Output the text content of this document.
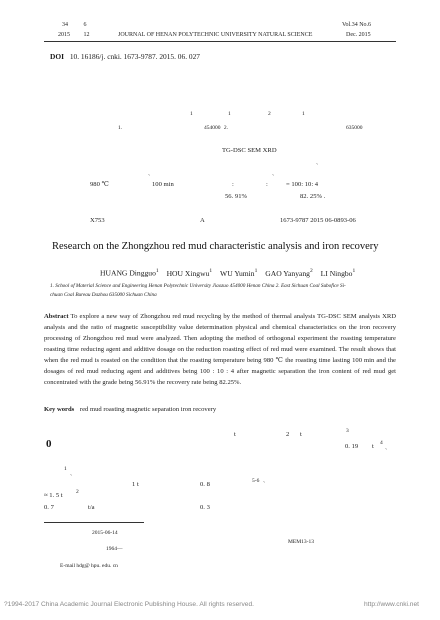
​
34	6
2015 12	JOURNAL OF HENAN POLYTECHNIC UNIVERSITY NATURAL SCIENCE
Vol.34 No.6
Dec. 2015
DOI 10. 16186/j. cnki. 1673-9787. 2015. 06. 027
1	1	2	1
1.	454000 2.	635000
TG-DSC SEM XRD
ˎ
ˎ	ˎ
980 ℃	100 min	:	:	= 100: 10: 4
56. 91%	82. 25% .
X753	A	1673-9787 2015 06-0893-06
Research on the Zhongzhou red mud characteristic analysis and iron recovery
HUANG Dingguo$^1$ HOU Xingwu$^1$ WU Yumin$^1$ GAO Yanyang$^2$ LI Ningbo$^1$
1. School of Material Science and Engineering Henan Polytechnic University Jiaozuo 454000 Henan China 2. East Sichuan Coal Subofice Si-
chuan Coal Bureau Dazhou 635000 Sichuan China
Abstract To explore a new way of Zhongzhou red mud recycling by the method of thermal analysis TG-DSC SEM analysis XRD analysis and the ratio of magnetic susceptibility value determination physical and chemical characteristics on the iron recovery processing of Zhongzhou red mud were analyzed. Then adopting the method of orthogonal experiment the roasting temperature roasting time reducing agent and additive dosage on the reduction roasting effect of red mud were examined. The result shows that when the red mud is roasted on the condition that the roasting temperature being 980 ℃ the roasting time lasting 100 min and the dosages of red mud reducing agent and additives being 100 : 10 : 4 after magnetic separation the iron content of red mud get concentrated with the grade being 56.91% the recovery rate being 82.25%.
Key words red mud roasting magnetic separation iron recovery
0
t	2 t	3
0. 19 t 4 ˎ
1 ˎ
1 t	0. 8	5-6 ˋ
≈ 1. 5 t 2
0. 7	t/a	0. 3
2015-06-14
MEM13-13
1964—
E-mail hdg@ hpu. edu. cn
?1994-2017 China Academic Journal Electronic Publishing House. All rights reserved.	http://www.cnki.net
